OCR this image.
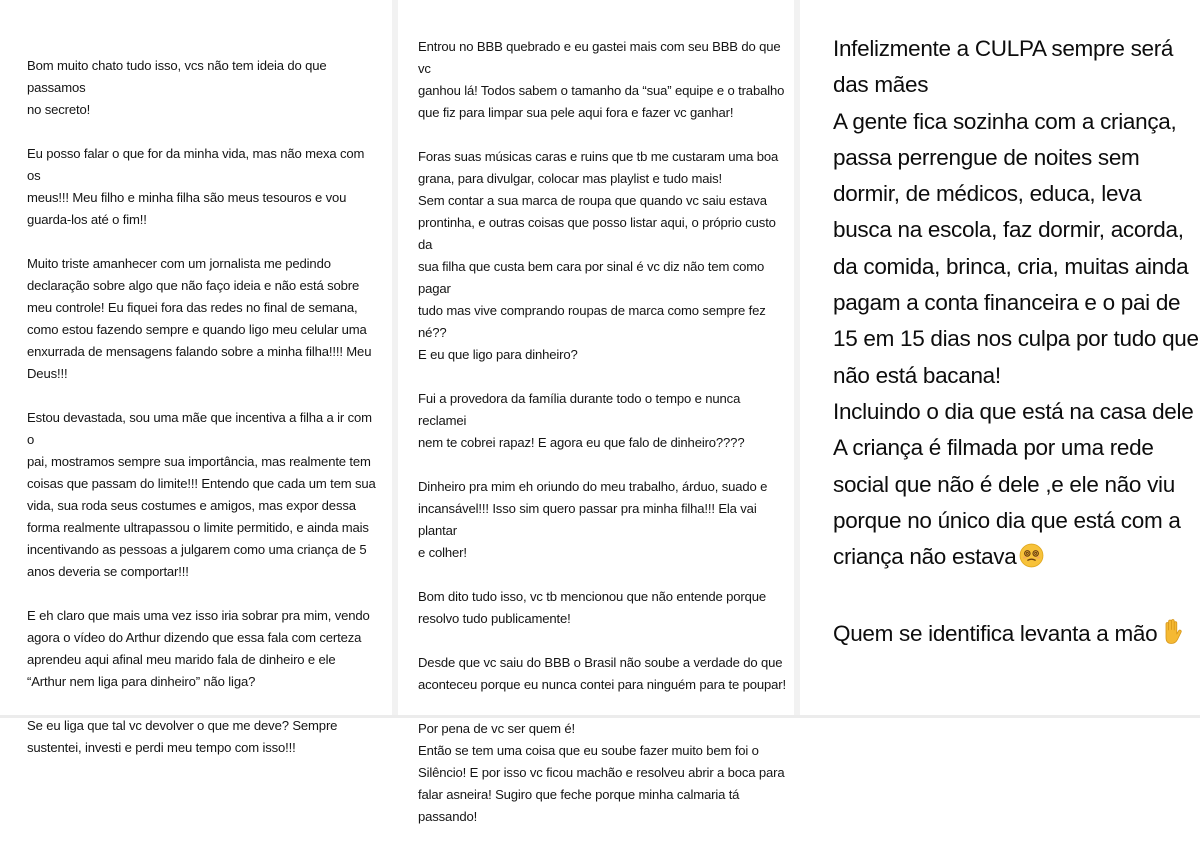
Bom muito chato tudo isso, vcs não tem ideia do que passamos
no secreto!

Eu posso falar o que for da minha vida, mas não mexa com os
meus!!! Meu filho e minha filha são meus tesouros e vou
guarda-los até o fim!!

Muito triste amanhecer com um jornalista me pedindo
declaração sobre algo que não faço ideia e não está sobre
meu controle! Eu fiquei fora das redes no final de semana,
como estou fazendo sempre e quando ligo meu celular uma
enxurrada de mensagens falando sobre a minha filha!!!! Meu
Deus!!!

Estou devastada, sou uma mãe que incentiva a filha a ir com o
pai, mostramos sempre sua importância, mas realmente tem
coisas que passam do limite!!! Entendo que cada um tem sua
vida, sua roda seus costumes e amigos, mas expor dessa
forma realmente ultrapassou o limite permitido, e ainda mais
incentivando as pessoas a julgarem como uma criança de 5
anos deveria se comportar!!!

E eh claro que mais uma vez isso iria sobrar pra mim, vendo
agora o vídeo do Arthur dizendo que essa fala com certeza
aprendeu aqui afinal meu marido fala de dinheiro e ele
“Arthur nem liga para dinheiro” não liga?

Se eu liga que tal vc devolver o que me deve? Sempre
sustentei, investi e perdi meu tempo com isso!!!

Entrou no BBB quebrado e eu gastei mais com seu BBB do que vc
ganhou lá! Todos sabem o tamanho da “sua” equipe e o trabalho
que fiz para limpar sua pele aqui fora e fazer vc ganhar!

Foras suas músicas caras e ruins que tb me custaram uma boa
grana, para divulgar, colocar mas playlist e tudo mais!
Sem contar a sua marca de roupa que quando vc saiu estava
prontinha, e outras coisas que posso listar aqui, o próprio custo da
sua filha que custa bem cara por sinal é vc diz não tem como pagar
tudo mas vive comprando roupas de marca como sempre fez né??
E eu que ligo para dinheiro?

Fui a provedora da família durante todo o tempo e nunca reclamei
nem te cobrei rapaz! E agora eu que falo de dinheiro????

Dinheiro pra mim eh oriundo do meu trabalho, árduo, suado e
incansável!!! Isso sim quero passar pra minha filha!!! Ela vai plantar
e colher!

Bom dito tudo isso, vc tb mencionou que não entende porque
resolvo tudo publicamente!

Desde que vc saiu do BBB o Brasil não soube a verdade do que
aconteceu porque eu nunca contei para ninguém para te poupar!

Por pena de vc ser quem é!
Então se tem uma coisa que eu soube fazer muito bem foi o
Silêncio! E por isso vc ficou machão e resolveu abrir a boca para
falar asneira! Sugiro que feche porque minha calmaria tá
passando!

Infelizmente a CULPA sempre será
das mães
A gente fica sozinha com a criança,
passa perrengue de noites sem
dormir, de médicos, educa, leva
busca na escola, faz dormir, acorda,
da comida, brinca, cria, muitas ainda
pagam a conta financeira e o pai de
15 em 15 dias nos culpa por tudo que
não está bacana!
Incluindo o dia que está na casa dele
A criança é filmada por uma rede
social que não é dele ,e ele não viu
porque no único dia que está com a
criança não estava
Quem se identifica levanta a mão
